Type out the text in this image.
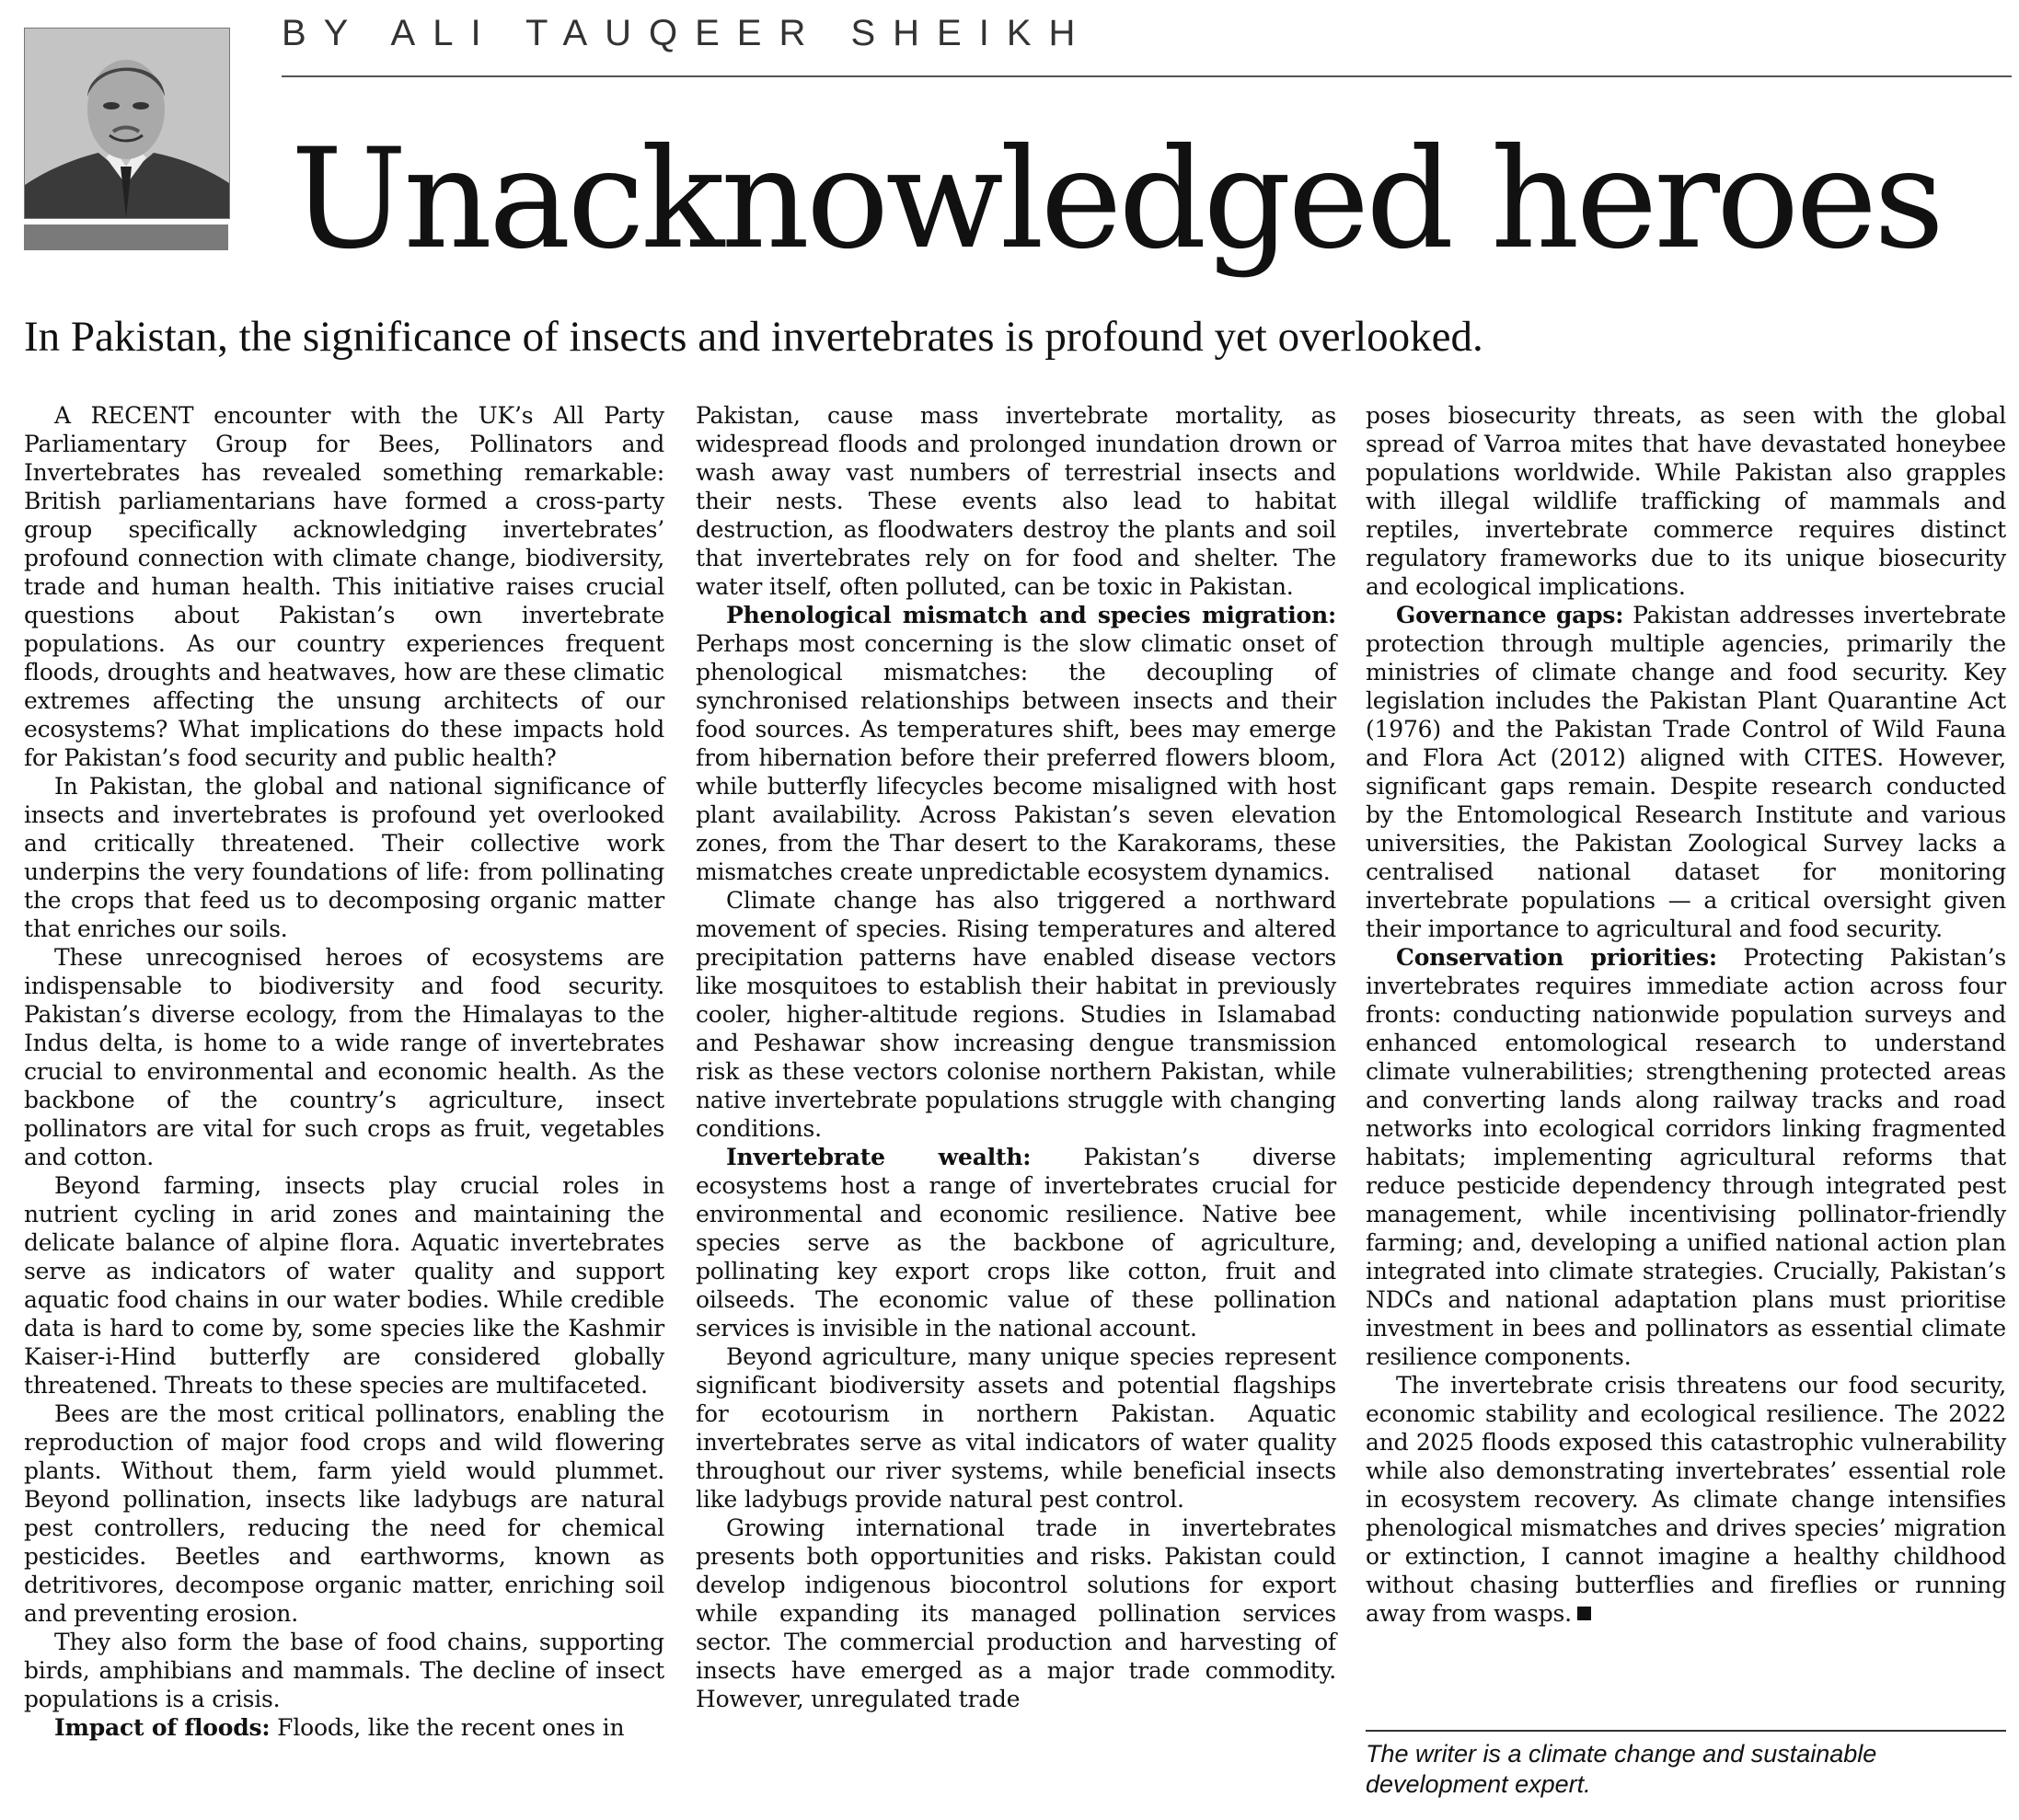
BY ALI TAUQEER SHEIKH
Unacknowledged heroes

In Pakistan, the significance of insects and invertebrates is profound yet overlooked.

A RECENT encounter with the UK’s All Party Parliamentary Group for Bees, Pollinators and Invertebrates has revealed something remarkable: British parliamentarians have formed a cross-party group specifically acknowledging invertebrates’ profound connection with climate change, biodiversity, trade and human health. This initiative raises crucial questions about Pakistan’s own invertebrate populations. As our country experiences frequent floods, droughts and heatwaves, how are these climatic extremes affecting the unsung architects of our ecosystems? What implications do these impacts hold for Pakistan’s food security and public health?

In Pakistan, the global and national significance of insects and invertebrates is profound yet overlooked and critically threatened. Their collective work underpins the very foundations of life: from pollinating the crops that feed us to decomposing organic matter that enriches our soils.

These unrecognised heroes of ecosystems are indispensable to biodiversity and food security. Pakistan’s diverse ecology, from the Himalayas to the Indus delta, is home to a wide range of invertebrates crucial to environmental and economic health. As the backbone of the country’s agriculture, insect pollinators are vital for such crops as fruit, vegetables and cotton.

Beyond farming, insects play crucial roles in nutrient cycling in arid zones and maintaining the delicate balance of alpine flora. Aquatic invertebrates serve as indicators of water quality and support aquatic food chains in our water bodies. While credible data is hard to come by, some species like the Kashmir Kaiser-i-Hind butterfly are considered globally threatened. Threats to these species are multifaceted.

Bees are the most critical pollinators, enabling the reproduction of major food crops and wild flowering plants. Without them, farm yield would plummet. Beyond pollination, insects like ladybugs are natural pest controllers, reducing the need for chemical pesticides. Beetles and earthworms, known as detritivores, decompose organic matter, enriching soil and preventing erosion.

They also form the base of food chains, supporting birds, amphibians and mammals. The decline of insect populations is a crisis.

Impact of floods: Floods, like the recent ones in

Pakistan, cause mass invertebrate mortality, as widespread floods and prolonged inundation drown or wash away vast numbers of terrestrial insects and their nests. These events also lead to habitat destruction, as floodwaters destroy the plants and soil that invertebrates rely on for food and shelter. The water itself, often polluted, can be toxic in Pakistan.

Phenological mismatch and species migration: Perhaps most concerning is the slow climatic onset of phenological mismatches: the decoupling of synchronised relationships between insects and their food sources. As temperatures shift, bees may emerge from hibernation before their preferred flowers bloom, while butterfly lifecycles become misaligned with host plant availability. Across Pakistan’s seven elevation zones, from the Thar desert to the Karakorams, these mismatches create unpredictable ecosystem dynamics.

Climate change has also triggered a northward movement of species. Rising temperatures and altered precipitation patterns have enabled disease vectors like mosquitoes to establish their habitat in previously cooler, higher-altitude regions. Studies in Islamabad and Peshawar show increasing dengue transmission risk as these vectors colonise northern Pakistan, while native invertebrate populations struggle with changing conditions.

Invertebrate wealth: Pakistan’s diverse ecosystems host a range of invertebrates crucial for environmental and economic resilience. Native bee species serve as the backbone of agriculture, pollinating key export crops like cotton, fruit and oilseeds. The economic value of these pollination services is invisible in the national account.

Beyond agriculture, many unique species represent significant biodiversity assets and potential flagships for ecotourism in northern Pakistan. Aquatic invertebrates serve as vital indicators of water quality throughout our river systems, while beneficial insects like ladybugs provide natural pest control.

Growing international trade in invertebrates presents both opportunities and risks. Pakistan could develop indigenous biocontrol solutions for export while expanding its managed pollination services sector. The commercial production and harvesting of insects have emerged as a major trade commodity. However, unregulated trade

poses biosecurity threats, as seen with the global spread of Varroa mites that have devastated honeybee populations worldwide. While Pakistan also grapples with illegal wildlife trafficking of mammals and reptiles, invertebrate commerce requires distinct regulatory frameworks due to its unique biosecurity and ecological implications.

Governance gaps: Pakistan addresses invertebrate protection through multiple agencies, primarily the ministries of climate change and food security. Key legislation includes the Pakistan Plant Quarantine Act (1976) and the Pakistan Trade Control of Wild Fauna and Flora Act (2012) aligned with CITES. However, significant gaps remain. Despite research conducted by the Entomological Research Institute and various universities, the Pakistan Zoological Survey lacks a centralised national dataset for monitoring invertebrate populations — a critical oversight given their importance to agricultural and food security.

Conservation priorities: Protecting Pakistan’s invertebrates requires immediate action across four fronts: conducting nationwide population surveys and enhanced entomological research to understand climate vulnerabilities; strengthening protected areas and converting lands along railway tracks and road networks into ecological corridors linking fragmented habitats; implementing agricultural reforms that reduce pesticide dependency through integrated pest management, while incentivising pollinator-friendly farming; and, developing a unified national action plan integrated into climate strategies. Crucially, Pakistan’s NDCs and national adaptation plans must prioritise investment in bees and pollinators as essential climate resilience components.

The invertebrate crisis threatens our food security, economic stability and ecological resilience. The 2022 and 2025 floods exposed this catastrophic vulnerability while also demonstrating invertebrates’ essential role in ecosystem recovery. As climate change intensifies phenological mismatches and drives species’ migration or extinction, I cannot imagine a healthy childhood without chasing butterflies and fireflies or running away from wasps.

The writer is a climate change and sustainable development expert.
